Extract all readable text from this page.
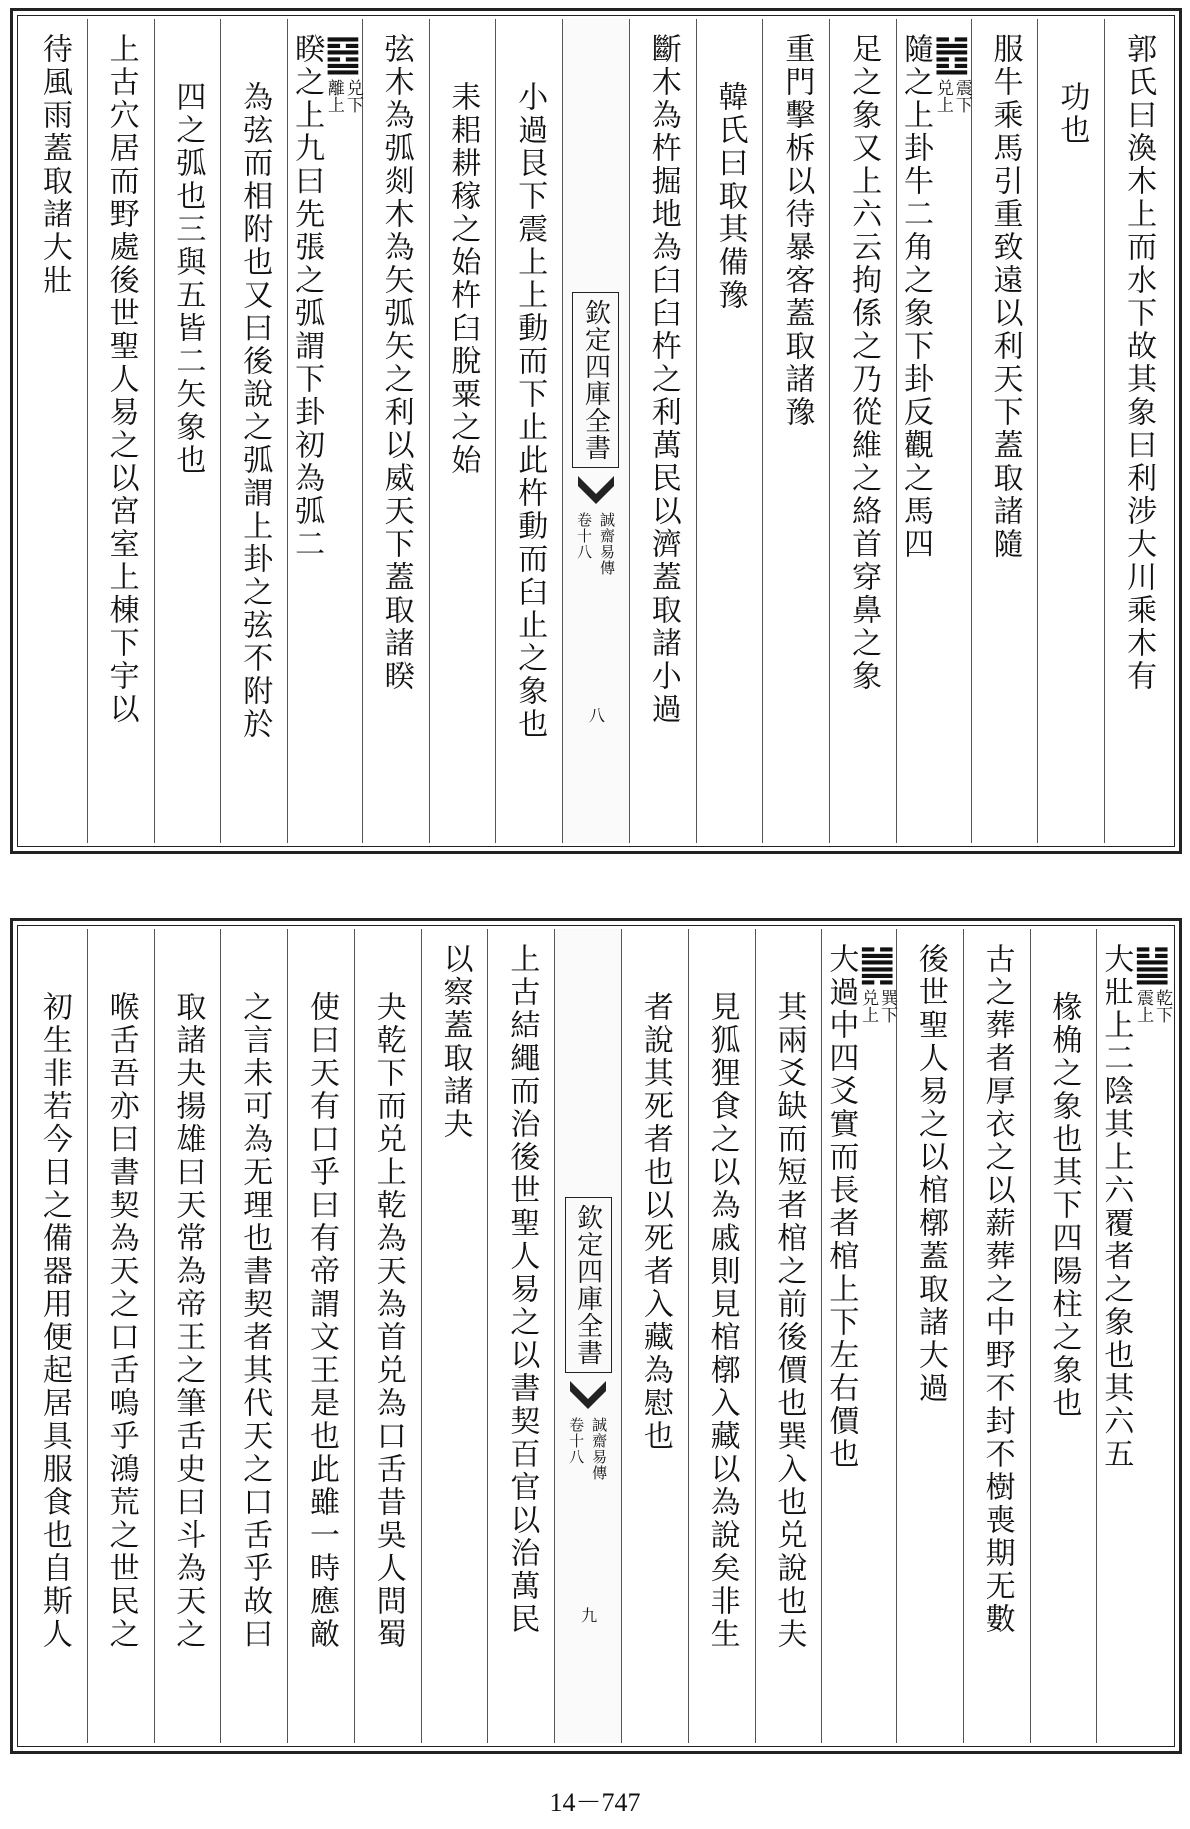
郭氏曰渙木上而水下故其象曰利涉大川乘木有
功也
服牛乘馬引重致遠以利天下蓋取諸隨
䷐
震下
兑上
隨之上卦牛二角之象下卦反觀之馬四
足之象又上六云拘係之乃從維之絡首穿鼻之象
重門擊柝以待暴客蓋取諸豫
韓氏曰取其備豫
斷木為杵掘地為臼臼杵之利萬民以濟蓋取諸小過
欽定四庫全書
誠齋易傳
卷十八
八
小過艮下震上上動而下止此杵動而臼止之象也
耒耜耕稼之始杵臼脫粟之始
弦木為弧剡木為矢弧矢之利以威天下蓋取諸睽
䷥
兑下
離上
睽之上九曰先張之弧謂下卦初為弧二
為弦而相附也又曰後說之弧謂上卦之弦不附於
四之弧也三與五皆二矢象也
上古穴居而野處後世聖人易之以宮室上棟下宇以
待風雨蓋取諸大壯
䷡
乾下
震上
大壯上二陰其上六覆者之象也其六五
椽桷之象也其下四陽柱之象也
古之葬者厚衣之以薪葬之中野不封不樹喪期无數
後世聖人易之以棺槨蓋取諸大過
䷛
巽下
兑上
大過中四爻實而長者棺上下左右價也
其兩爻缺而短者棺之前後價也巽入也兑說也夫
見狐狸食之以為戚則見棺槨入藏以為說矣非生
者說其死者也以死者入藏為慰也
欽定四庫全書
誠齋易傳
卷十八
九
上古結繩而治後世聖人易之以書契百官以治萬民
以察蓋取諸夬
夬乾下而兑上乾為天為首兑為口舌昔吳人問蜀
使曰天有口乎曰有帝謂文王是也此雖一時應敵
之言未可為无理也書契者其代天之口舌乎故曰
取諸夬揚雄曰天常為帝王之筆舌史曰斗為天之
喉舌吾亦曰書契為天之口舌嗚乎鴻荒之世民之
初生非若今日之備器用便起居具服食也自斯人
14－747
